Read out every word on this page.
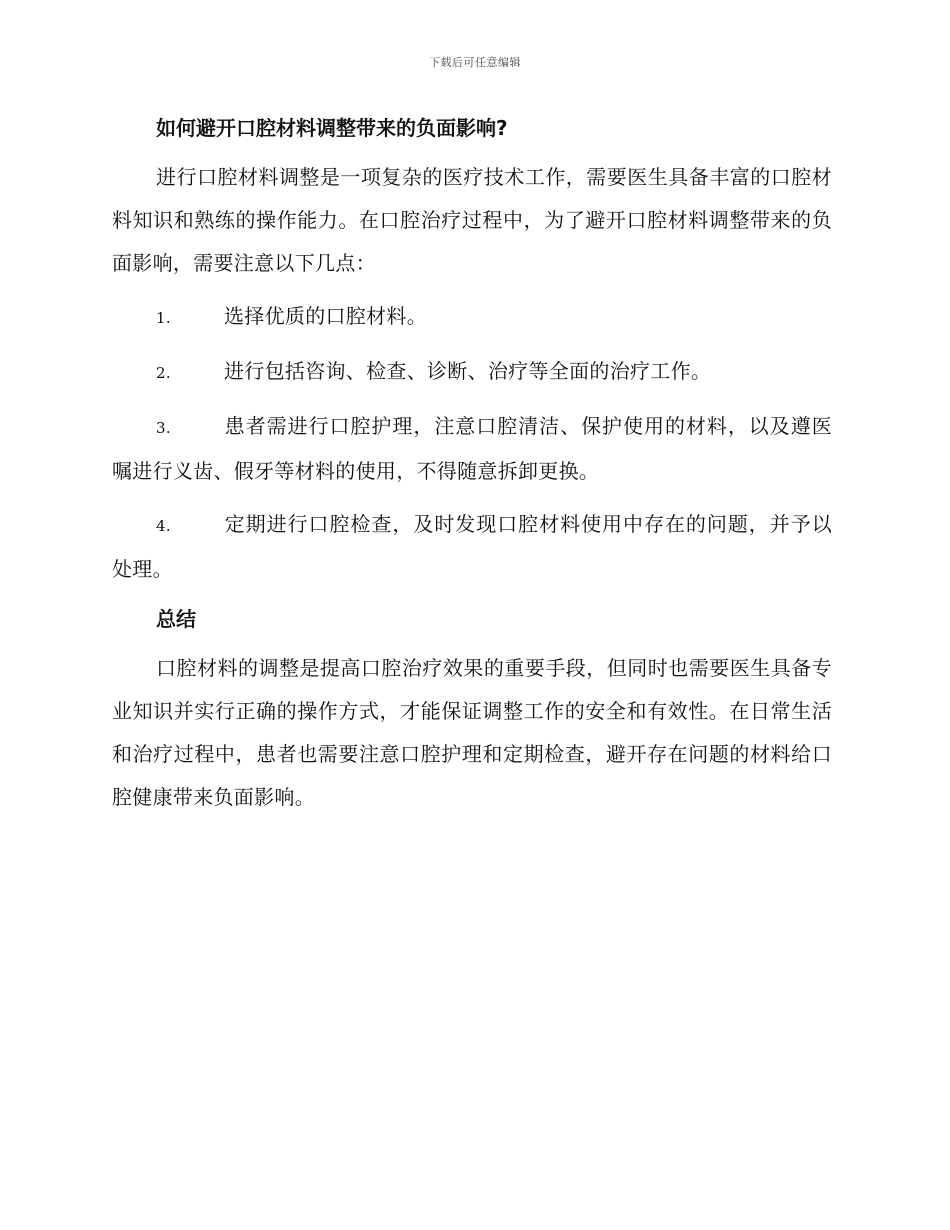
下载后可任意编辑
如何避开口腔材料调整带来的负面影响?

进行口腔材料调整是一项复杂的医疗技术工作，需要医生具备丰富的口腔材料知识和熟练的操作能力。在口腔治疗过程中，为了避开口腔材料调整带来的负面影响，需要注意以下几点：

1.	选择优质的口腔材料。

2.	进行包括咨询、检查、诊断、治疗等全面的治疗工作。

3.	患者需进行口腔护理，注意口腔清洁、保护使用的材料，以及遵医嘱进行义齿、假牙等材料的使用，不得随意拆卸更换。

4.	定期进行口腔检查，及时发现口腔材料使用中存在的问题，并予以处理。

总结

口腔材料的调整是提高口腔治疗效果的重要手段，但同时也需要医生具备专业知识并实行正确的操作方式，才能保证调整工作的安全和有效性。在日常生活和治疗过程中，患者也需要注意口腔护理和定期检查，避开存在问题的材料给口腔健康带来负面影响。
